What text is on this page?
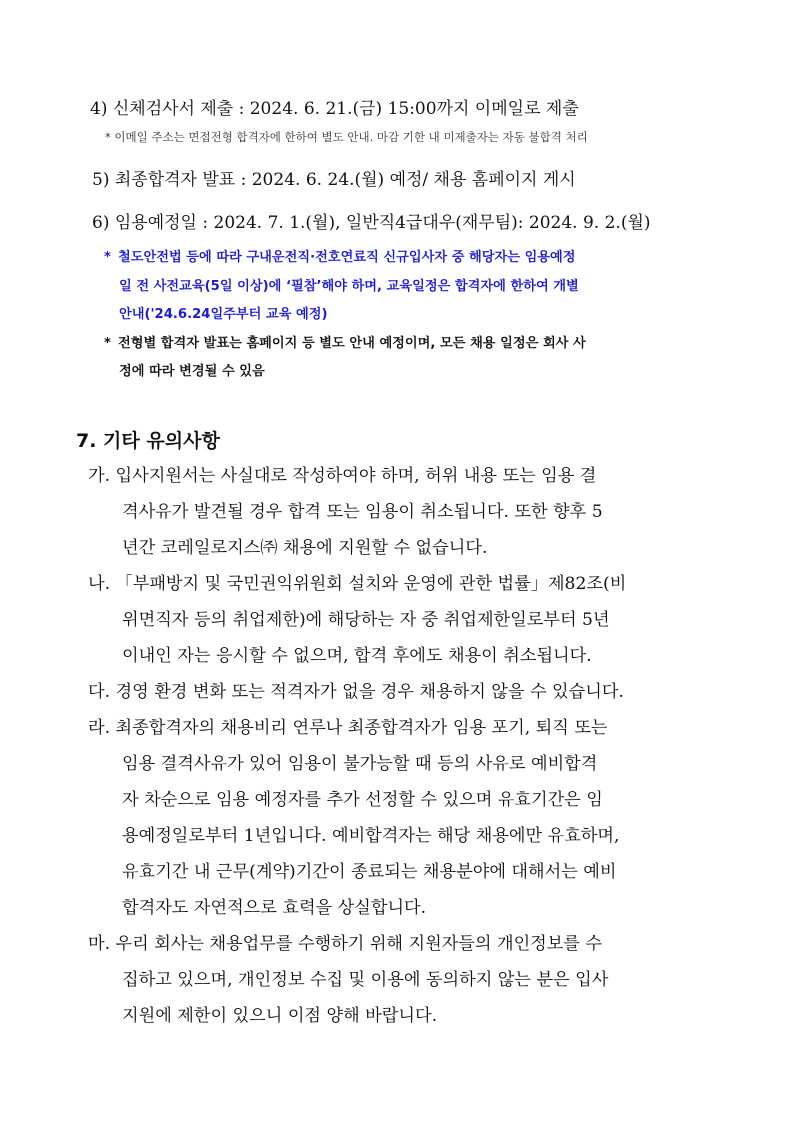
4) 신체검사서 제출 : 2024. 6. 21.(금) 15:00까지 이메일로 제출

* 이메일 주소는 면접전형 합격자에 한하여 별도 안내. 마감 기한 내 미제출자는 자동 불합격 처리

5) 최종합격자 발표 : 2024. 6. 24.(월) 예정/ 채용 홈페이지 게시

6) 임용예정일 : 2024. 7. 1.(월), 일반직4급대우(재무팀): 2024. 9. 2.(월)

* 철도안전법 등에 따라 구내운전직·전호연료직 신규입사자 중 해당자는 임용예정

일 전 사전교육(5일 이상)에 ‘필참’해야 하며, 교육일정은 합격자에 한하여 개별

안내('24.6.24일주부터 교육 예정)

* 전형별 합격자 발표는 홈페이지 등 별도 안내 예정이며, 모든 채용 일정은 회사 사

정에 따라 변경될 수 있음

7. 기타 유의사항

가. 입사지원서는 사실대로 작성하여야 하며, 허위 내용 또는 임용 결

격사유가 발견될 경우 합격 또는 임용이 취소됩니다. 또한 향후 5

년간 코레일로지스㈜ 채용에 지원할 수 없습니다.

나. 「부패방지 및 국민권익위원회 설치와 운영에 관한 법률」제82조(비

위면직자 등의 취업제한)에 해당하는 자 중 취업제한일로부터 5년

이내인 자는 응시할 수 없으며, 합격 후에도 채용이 취소됩니다.

다. 경영 환경 변화 또는 적격자가 없을 경우 채용하지 않을 수 있습니다.

라. 최종합격자의 채용비리 연루나 최종합격자가 임용 포기, 퇴직 또는

임용 결격사유가 있어 임용이 불가능할 때 등의 사유로 예비합격

자 차순으로 임용 예정자를 추가 선정할 수 있으며 유효기간은 임

용예정일로부터 1년입니다. 예비합격자는 해당 채용에만 유효하며,

유효기간 내 근무(계약)기간이 종료되는 채용분야에 대해서는 예비

합격자도 자연적으로 효력을 상실합니다.

마. 우리 회사는 채용업무를 수행하기 위해 지원자들의 개인정보를 수

집하고 있으며, 개인정보 수집 및 이용에 동의하지 않는 분은 입사

지원에 제한이 있으니 이점 양해 바랍니다.
